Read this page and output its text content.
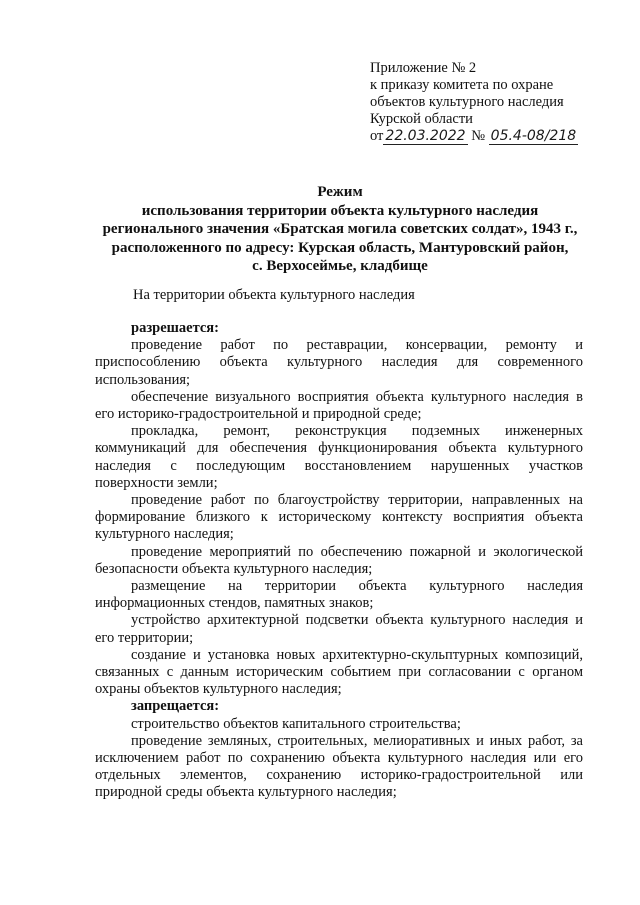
Приложение № 2
к приказу комитета по охране
объектов культурного наследия
Курской области
от 22.03.2022 № 05.4-08/218
Режим
использования территории объекта культурного наследия
регионального значения «Братская могила советских солдат», 1943 г.,
расположенного по адресу: Курская область, Мантуровский район,
с. Верхосеймье, кладбище
На территории объекта культурного наследия

разрешается:

проведение работ по реставрации, консервации, ремонту и приспособлению объекта культурного наследия для современного использования;

обеспечение визуального восприятия объекта культурного наследия в его историко-градостроительной и природной среде;

прокладка, ремонт, реконструкция подземных инженерных коммуникаций для обеспечения функционирования объекта культурного наследия с последующим восстановлением нарушенных участков поверхности земли;

проведение работ по благоустройству территории, направленных на формирование близкого к историческому контексту восприятия объекта культурного наследия;

проведение мероприятий по обеспечению пожарной и экологической безопасности объекта культурного наследия;

размещение на территории объекта культурного наследия информационных стендов, памятных знаков;

устройство архитектурной подсветки объекта культурного наследия и его территории;

создание и установка новых архитектурно-скульптурных композиций, связанных с данным историческим событием при согласовании с органом охраны объектов культурного наследия;

запрещается:

строительство объектов капитального строительства;

проведение земляных, строительных, мелиоративных и иных работ, за исключением работ по сохранению объекта культурного наследия или его отдельных элементов, сохранению историко-градостроительной или природной среды объекта культурного наследия;
